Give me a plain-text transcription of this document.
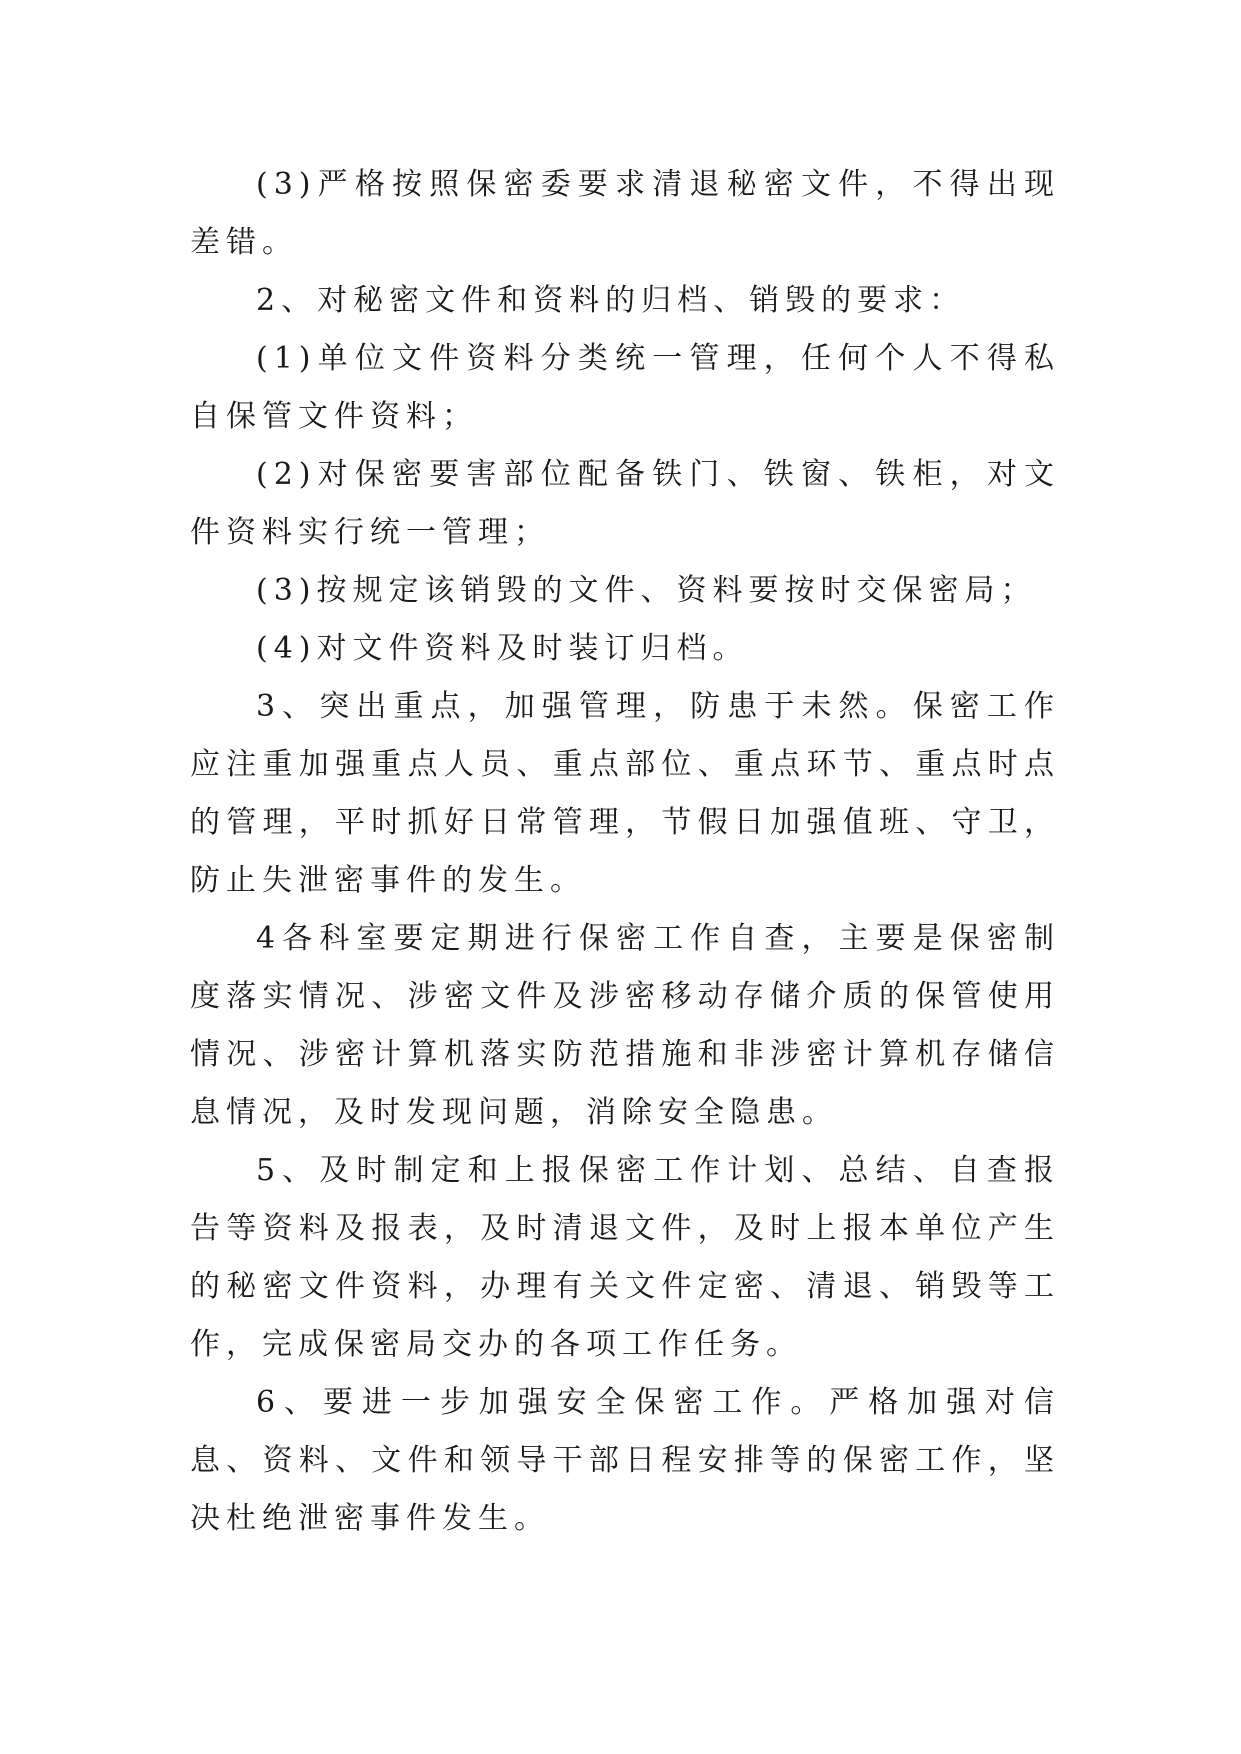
(3)严格按照保密委要求清退秘密文件，不得出现差错。

2、对秘密文件和资料的归档、销毁的要求：

(1)单位文件资料分类统一管理，任何个人不得私自保管文件资料；

(2)对保密要害部位配备铁门、铁窗、铁柜，对文件资料实行统一管理；

(3)按规定该销毁的文件、资料要按时交保密局；

(4)对文件资料及时装订归档。

3、突出重点，加强管理，防患于未然。保密工作应注重加强重点人员、重点部位、重点环节、重点时点的管理，平时抓好日常管理，节假日加强值班、守卫，防止失泄密事件的发生。

4各科室要定期进行保密工作自查，主要是保密制度落实情况、涉密文件及涉密移动存储介质的保管使用情况、涉密计算机落实防范措施和非涉密计算机存储信息情况，及时发现问题，消除安全隐患。

5、及时制定和上报保密工作计划、总结、自查报告等资料及报表，及时清退文件，及时上报本单位产生的秘密文件资料，办理有关文件定密、清退、销毁等工作，完成保密局交办的各项工作任务。

6、要进一步加强安全保密工作。严格加强对信息、资料、文件和领导干部日程安排等的保密工作，坚决杜绝泄密事件发生。
